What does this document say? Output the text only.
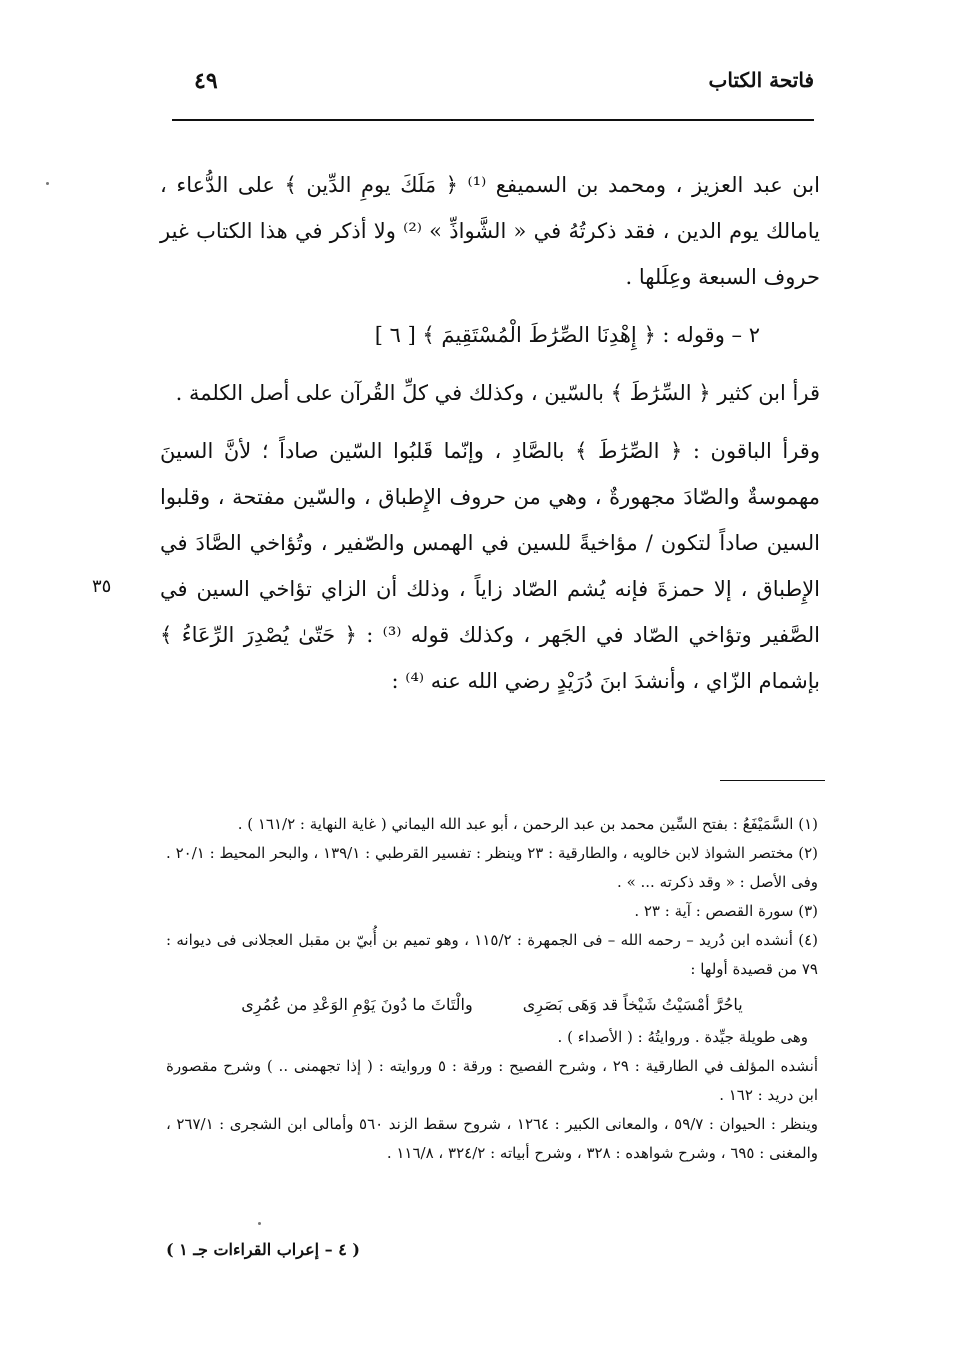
فاتحة الكتاب
٤٩

ابن عبد العزيز ، ومحمد بن السميفع ⁽¹⁾ ﴿ مَلَكَ يومِ الدِّين ﴾ على الدُّعاء ، يامالك يوم الدين ، فقد ذكرتُهُ في « الشَّواذِّ » ⁽²⁾ ولا أذكر في هذا الكتاب غير حروف السبعة وعِلَلها .

٢ – وقوله : ﴿ إِهْدِنَا الصِّرَٰطَ الْمُسْتَقِيمَ ﴾ [ ٦ ]

قرأ ابن كثير ﴿ السِّرَٰطَ ﴾ بالسّين ، وكذلك في كلِّ القُرآن على أصل الكلمة .

وقرأ الباقون : ﴿ الصِّرَٰطَ ﴾ بالصَّادِ ، وإنّما قَلبُوا السّين صاداً ؛ لأنَّ السينَ مهموسةٌ والصّادَ مجهورةٌ ، وهي من حروف الإِطباق ، والسّين مفتحة ، وقلبوا السين صاداً لتكون / مؤاخيةً للسين في الهمس والصّفير ، وتُؤاخي الصَّادَ في الإِطباق ، إلا حمزةَ فإنه يُشم الصّاد زاياً ، وذلك أن الزاي تؤاخي السين في الصَّفير وتؤاخي الصّاد في الجَهر ، وكذلك قوله ⁽³⁾ : ﴿ حَتّىٰ يُصْدِرَ الرِّعَاءُ ﴾ بإشمام الزّاي ، وأنشدَ ابنَ دُرَيْدٍ رضي الله عنه ⁽⁴⁾ :

٣٥

(١) السَّمَيْفَعُ : بفتح السِّين محمد بن عبد الرحمن ، أبو عبد الله اليماني ( غاية النهاية : ١٦١/٢ ) .

(٢) مختصر الشواذ لابن خالويه ، والطارقية : ٢٣ وينظر : تفسير القرطبي : ١٣٩/١ ، والبحر المحيط : ٢٠/١ . وفى الأصل : « وقد ذكرته ... » .

(٣) سورة القصص : آية : ٢٣ .

(٤) أنشده ابن دُريد – رحمه الله – فى الجمهرة : ١١٥/٢ ، وهو تميم بن أُبيّ بن مقبل العجلانى فى ديوانه : ٧٩ من قصيدة أولها :

ياحُرَّ أمْسَيْتُ شَيْخاً قد وَهَى بَصَرِى
والْتَاثَ ما دُونَ يَوْمِ الوَعْدِ من عُمُرِى

وهى طويلة جيِّدة . وروايتُهُ : ( الأصداء ) .

أنشده المؤلف في الطارقية : ٢٩ ، وشرح الفصيح : ورقة : ٥ وروايته : ( إذا تجهمنى .. ) وشرح مقصورة ابن دريد : ١٦٢ .

وينظر : الحيوان : ٥٩/٧ ، والمعانى الكبير : ١٢٦٤ ، شروح سقط الزند ٥٦٠ وأمالى ابن الشجرى : ٢٦٧/١ ، والمغنى : ٦٩٥ ، وشرح شواهده : ٣٢٨ ، وشرح أبياته : ٣٢٤/٢ ، ١١٦/٨ .

( ٤ – إعراب القراءات جـ ١ )
